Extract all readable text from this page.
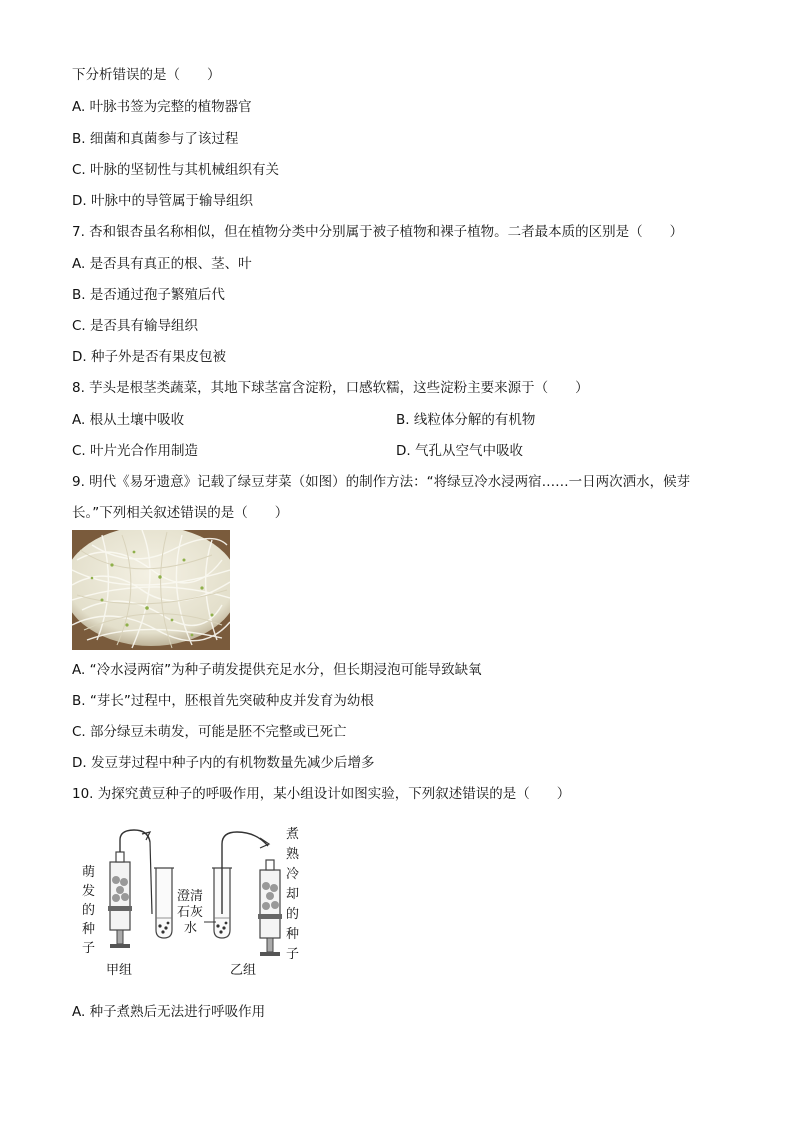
下分析错误的是（　　）
A. 叶脉书签为完整的植物器官
B. 细菌和真菌参与了该过程
C. 叶脉的坚韧性与其机械组织有关
D. 叶脉中的导管属于输导组织
7. 杏和银杏虽名称相似，但在植物分类中分别属于被子植物和裸子植物。二者最本质的区别是（　　）
A. 是否具有真正的根、茎、叶
B. 是否通过孢子繁殖后代
C. 是否具有输导组织
D. 种子外是否有果皮包被
8. 芋头是根茎类蔬菜，其地下球茎富含淀粉，口感软糯，这些淀粉主要来源于（　　）
A. 根从土壤中吸收	B. 线粒体分解的有机物
C. 叶片光合作用制造	D. 气孔从空气中吸收
9. 明代《易牙遗意》记载了绿豆芽菜（如图）的制作方法：“将绿豆冷水浸两宿……一日两次洒水，候芽
长。”下列相关叙述错误的是（　　）
A. “冷水浸两宿”为种子萌发提供充足水分，但长期浸泡可能导致缺氧
B. “芽长”过程中，胚根首先突破种皮并发育为幼根
C. 部分绿豆未萌发，可能是胚不完整或已死亡
D. 发豆芽过程中种子内的有机物数量先减少后增多
10. 为探究黄豆种子的呼吸作用，某小组设计如图实验，下列叙述错误的是（　　）
萌
发
的
种
子
澄清
石灰
水
煮
熟
冷
却
的
种
子
甲组	乙组
A. 种子煮熟后无法进行呼吸作用
